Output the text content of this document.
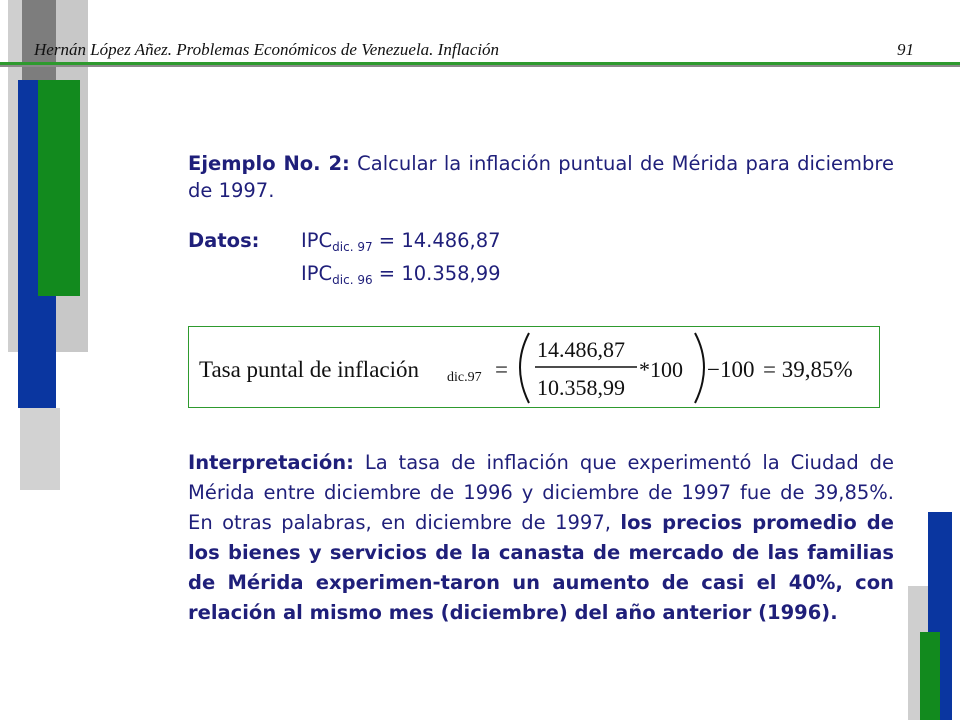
Hernán López Añez. Problemas Económicos de Venezuela. Inflación	91
Ejemplo No. 2: Calcular la inflación puntual de Mérida para diciembre de 1997.
Datos: $IPC_{dic. 97} = 14.486,87$
$IPC_{dic. 96} = 10.358,99$
Tasa puntal de inflación dic.97 =
14.486,87
10.358,99
*100 −100 = 39,85%
Interpretación: La tasa de inflación que experimentó la Ciudad de Mérida entre diciembre de 1996 y diciembre de 1997 fue de 39,85%. En otras palabras, en diciembre de 1997, los precios promedio de los bienes y servicios de la canasta de mercado de las familias de Mérida experimen-taron un aumento de casi el 40%, con relación al mismo mes (diciembre) del año anterior (1996).
